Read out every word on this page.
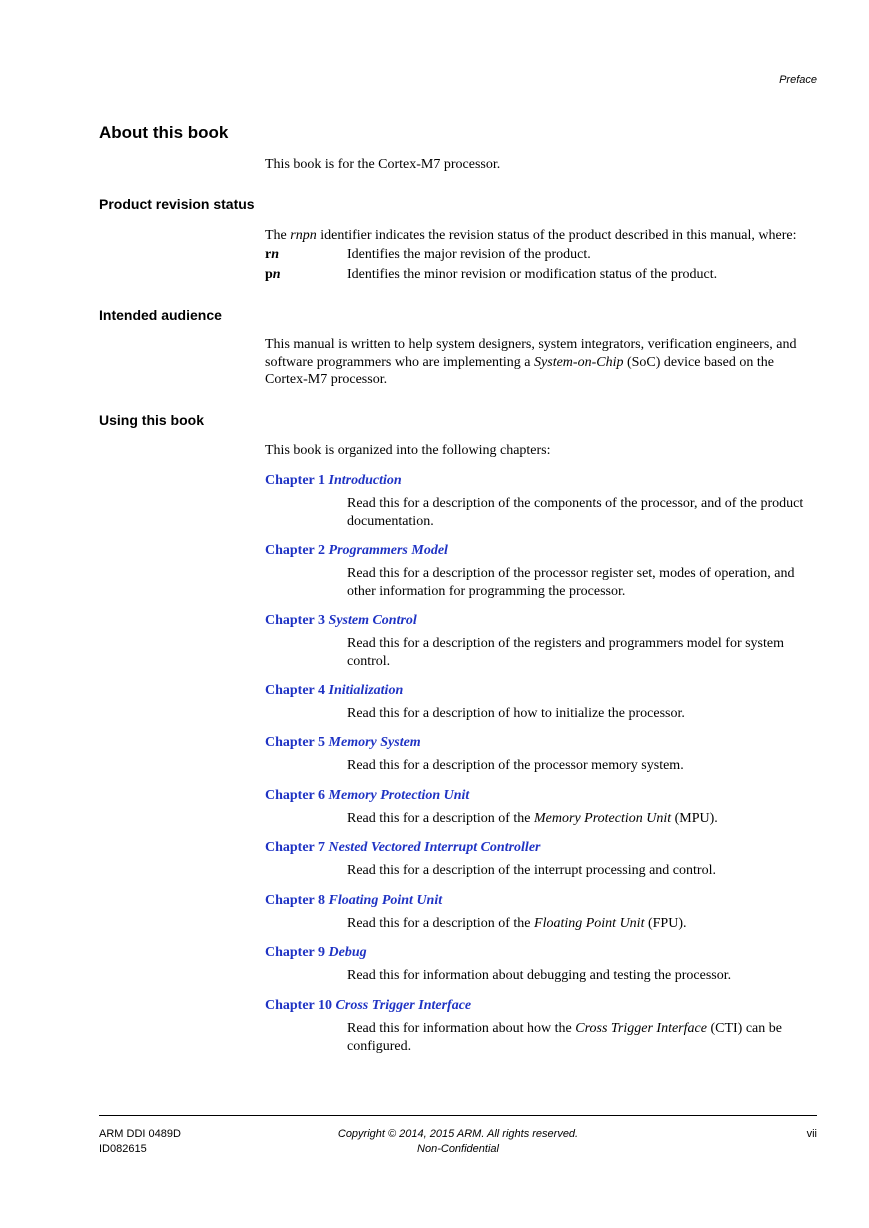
Preface
About this book
This book is for the Cortex-M7 processor.
Product revision status
The rnpn identifier indicates the revision status of the product described in this manual, where:
rn	Identifies the major revision of the product.
pn	Identifies the minor revision or modification status of the product.
Intended audience
This manual is written to help system designers, system integrators, verification engineers, and software programmers who are implementing a System-on-Chip (SoC) device based on the Cortex-M7 processor.
Using this book
This book is organized into the following chapters:
Chapter 1 Introduction
Read this for a description of the components of the processor, and of the product documentation.
Chapter 2 Programmers Model
Read this for a description of the processor register set, modes of operation, and other information for programming the processor.
Chapter 3 System Control
Read this for a description of the registers and programmers model for system control.
Chapter 4 Initialization
Read this for a description of how to initialize the processor.
Chapter 5 Memory System
Read this for a description of the processor memory system.
Chapter 6 Memory Protection Unit
Read this for a description of the Memory Protection Unit (MPU).
Chapter 7 Nested Vectored Interrupt Controller
Read this for a description of the interrupt processing and control.
Chapter 8 Floating Point Unit
Read this for a description of the Floating Point Unit (FPU).
Chapter 9 Debug
Read this for information about debugging and testing the processor.
Chapter 10 Cross Trigger Interface
Read this for information about how the Cross Trigger Interface (CTI) can be configured.
ARM DDI 0489D
ID082615
Copyright © 2014, 2015 ARM. All rights reserved.
Non-Confidential
vii
